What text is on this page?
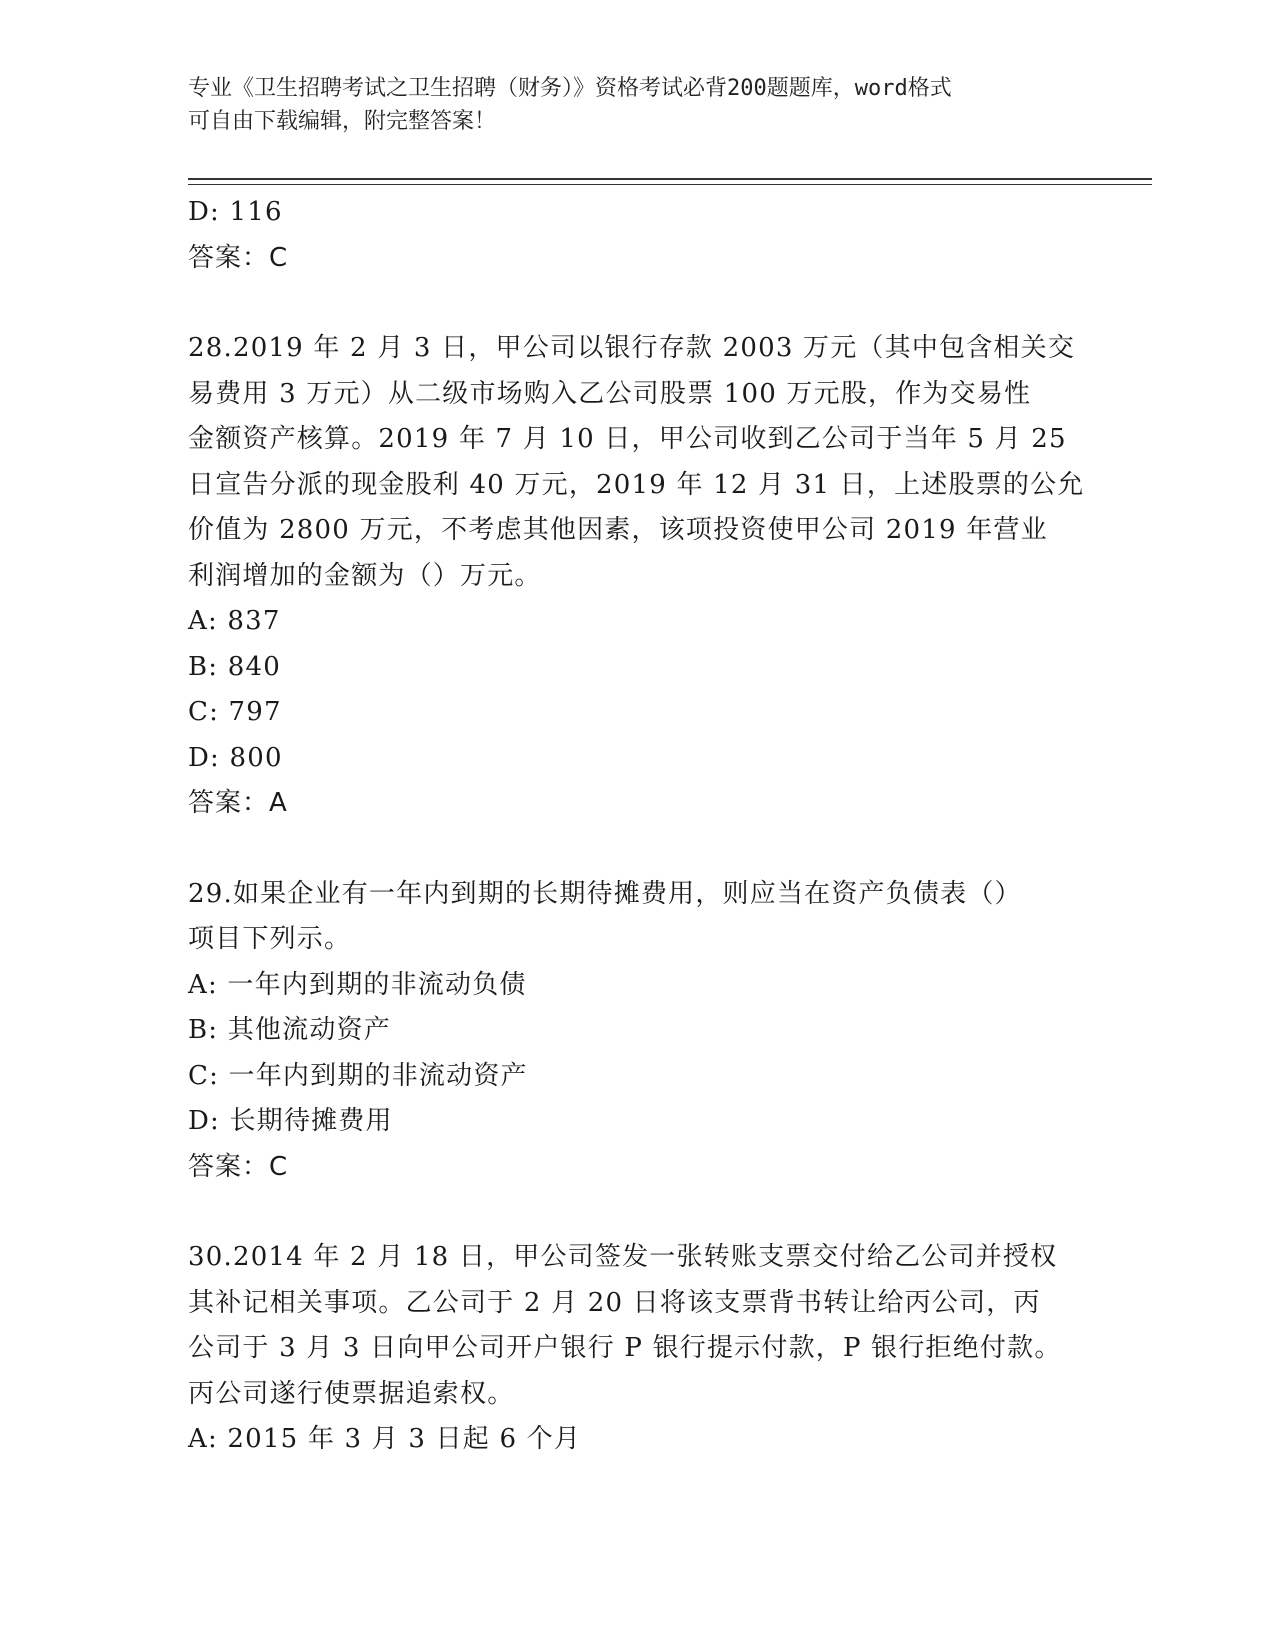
专业《卫生招聘考试之卫生招聘（财务）》资格考试必背200题题库，word格式
可自由下载编辑，附完整答案！

D: 116

答案：C

28.2019 年 2 月 3 日，甲公司以银行存款 2003 万元（其中包含相关交

易费用 3 万元）从二级市场购入乙公司股票 100 万元股，作为交易性

金额资产核算。2019 年 7 月 10 日，甲公司收到乙公司于当年 5 月 25

日宣告分派的现金股利 40 万元，2019 年 12 月 31 日，上述股票的公允

价值为 2800 万元，不考虑其他因素，该项投资使甲公司 2019 年营业

利润增加的金额为（）万元。

A: 837

B: 840

C: 797

D: 800

答案：A

29.如果企业有一年内到期的长期待摊费用，则应当在资产负债表（）

项目下列示。

A: 一年内到期的非流动负债

B: 其他流动资产

C: 一年内到期的非流动资产

D: 长期待摊费用

答案：C

30.2014 年 2 月 18 日，甲公司签发一张转账支票交付给乙公司并授权

其补记相关事项。乙公司于 2 月 20 日将该支票背书转让给丙公司，丙

公司于 3 月 3 日向甲公司开户银行 P 银行提示付款，P 银行拒绝付款。

丙公司遂行使票据追索权。

A: 2015 年 3 月 3 日起 6 个月
